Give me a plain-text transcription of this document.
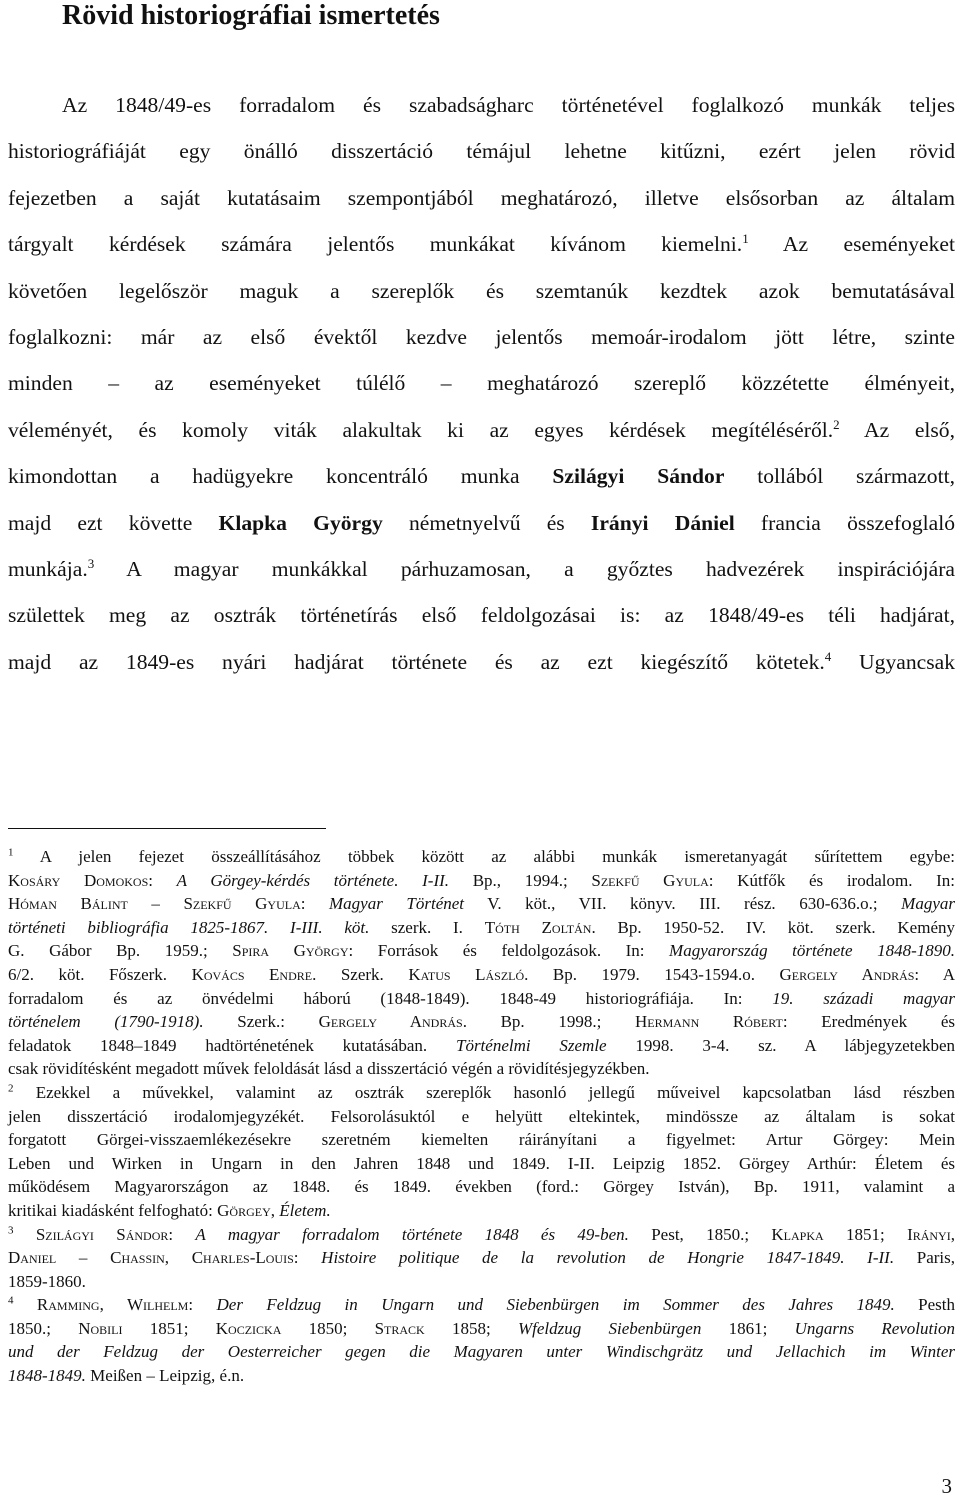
Rövid historiográfiai ismertetés
Az 1848/49-es forradalom és szabadságharc történetével foglalkozó munkák teljes
historiográfiáját egy önálló disszertáció témájul lehetne kitűzni, ezért jelen rövid
fejezetben a saját kutatásaim szempontjából meghatározó, illetve elsősorban az általam
tárgyalt kérdések számára jelentős munkákat kívánom kiemelni.$^1$ Az eseményeket
követően legelőször maguk a szereplők és szemtanúk kezdtek azok bemutatásával
foglalkozni: már az első évektől kezdve jelentős memoár-irodalom jött létre, szinte
minden – az eseményeket túlélő – meghatározó szereplő közzétette élményeit,
véleményét, és komoly viták alakultak ki az egyes kérdések megítéléséről.$^2$ Az első,
kimondottan a hadügyekre koncentráló munka Szilágyi Sándor tollából származott,
majd ezt követte Klapka György németnyelvű és Irányi Dániel francia összefoglaló
munkája.$^3$ A magyar munkákkal párhuzamosan, a győztes hadvezérek inspirációjára
születtek meg az osztrák történetírás első feldolgozásai is: az 1848/49-es téli hadjárat,
majd az 1849-es nyári hadjárat története és az ezt kiegészítő kötetek.$^4$ Ugyancsak
$^1$ A jelen fejezet összeállításához többek között az alábbi munkák ismeretanyagát sűrítettem egybe:
Kosáry Domokos: A Görgey-kérdés története. I-II. Bp., 1994.; Szekfű Gyula: Kútfők és irodalom. In:
Hóman Bálint – Szekfű Gyula: Magyar Történet V. köt., VII. könyv. III. rész. 630-636.o.; Magyar
történeti bibliográfia 1825-1867. I-III. köt. szerk. I. Tóth Zoltán. Bp. 1950-52. IV. köt. szerk. Kemény
G. Gábor Bp. 1959.; Spira György: Források és feldolgozások. In: Magyarország története 1848-1890.
6/2. köt. Főszerk. Kovács Endre. Szerk. Katus László. Bp. 1979. 1543-1594.o. Gergely András: A
forradalom és az önvédelmi háború (1848-1849). 1848-49 historiográfiája. In: 19. századi magyar
történelem (1790-1918). Szerk.: Gergely András. Bp. 1998.; Hermann Róbert: Eredmények és
feladatok 1848–1849 hadtörténetének kutatásában. Történelmi Szemle 1998. 3-4. sz. A lábjegyzetekben
csak rövidítésként megadott művek feloldását lásd a disszertáció végén a rövidítésjegyzékben.
$^2$ Ezekkel a művekkel, valamint az osztrák szereplők hasonló jellegű műveivel kapcsolatban lásd részben
jelen disszertáció irodalomjegyzékét. Felsorolásuktól e helyütt eltekintek, mindössze az általam is sokat
forgatott Görgei-visszaemlékezésekre szeretném kiemelten ráirányítani a figyelmet: Artur Görgey: Mein
Leben und Wirken in Ungarn in den Jahren 1848 und 1849. I-II. Leipzig 1852. Görgey Arthúr: Életem és
működésem Magyarországon az 1848. és 1849. években (ford.: Görgey István), Bp. 1911, valamint a
kritikai kiadásként felfogható: Görgey, Életem.
$^3$ Szilágyi Sándor: A magyar forradalom története 1848 és 49-ben. Pest, 1850.; Klapka 1851; Irányi,
Daniel – Chassin, Charles-Louis: Histoire politique de la revolution de Hongrie 1847-1849. I-II. Paris,
1859-1860.
$^4$ Ramming, Wilhelm: Der Feldzug in Ungarn und Siebenbürgen im Sommer des Jahres 1849. Pesth
1850.; Nobili 1851; Koczicka 1850; Strack 1858; Wfeldzug Siebenbürgen 1861; Ungarns Revolution
und der Feldzug der Oesterreicher gegen die Magyaren unter Windischgrätz und Jellachich im Winter
1848-1849. Meißen – Leipzig, é.n.
3
